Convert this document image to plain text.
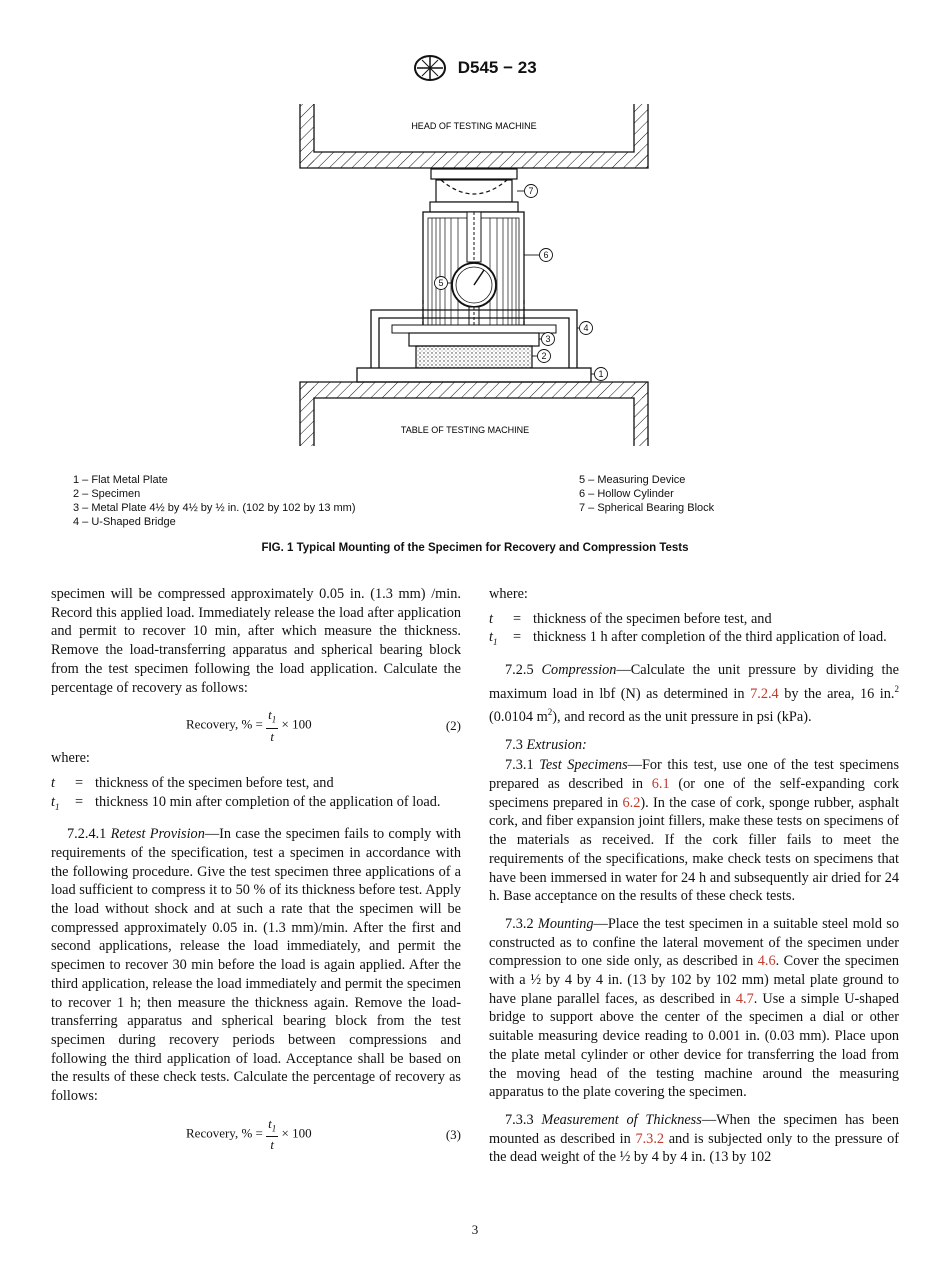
D545 − 23
HEAD OF TESTING MACHINE
TABLE OF TESTING MACHINE
7
6
5
4
3
2
1
1 – Flat Metal Plate
2 – Specimen
3 – Metal Plate 4½ by 4½ by ½ in. (102 by 102 by 13 mm)
4 – U-Shaped Bridge
5 – Measuring Device
6 – Hollow Cylinder
7 – Spherical Bearing Block
FIG. 1 Typical Mounting of the Specimen for Recovery and Compression Tests

specimen will be compressed approximately 0.05 in. (1.3 mm) /min. Record this applied load. Immediately release the load after application and permit to recover 10 min, after which measure the thickness. Remove the load-transferring apparatus and spherical bearing block from the test specimen following the load application. Calculate the percentage of recovery as follows:

Recovery, % = $\frac{t_1}{t} \times 100$	(2)
where:
t	= thickness of the specimen before test, and
$t_1$	= thickness 10 min after completion of the application of load.

7.2.4.1 Retest Provision—In case the specimen fails to comply with requirements of the specification, test a specimen in accordance with the following procedure. Give the test specimen three applications of a load sufficient to compress it to 50 % of its thickness before test. Apply the load without shock and at such a rate that the specimen will be compressed approximately 0.05 in. (1.3 mm)/min. After the first and second applications, release the load immediately, and permit the specimen to recover 30 min before the load is again applied. After the third application, release the load immediately and permit the specimen to recover 1 h; then measure the thickness again. Remove the load-transferring apparatus and spherical bearing block from the test specimen during recovery periods between compressions and following the third application of load. Acceptance shall be based on the results of these check tests. Calculate the percentage of recovery as follows:

Recovery, % = $\frac{t_1}{t} \times 100$	(3)
where:
t	= thickness of the specimen before test, and
$t_1$	= thickness 1 h after completion of the third application of load.

7.2.5 Compression—Calculate the unit pressure by dividing the maximum load in lbf (N) as determined in 7.2.4 by the area, 16 in.$^2$ (0.0104 $m^2$), and record as the unit pressure in psi (kPa).

7.3 Extrusion:

7.3.1 Test Specimens—For this test, use one of the test specimens prepared as described in 6.1 (or one of the self-expanding cork specimens prepared in 6.2). In the case of cork, sponge rubber, asphalt cork, and fiber expansion joint fillers, make these tests on specimens of the materials as received. If the cork filler fails to meet the requirements of the specifications, make check tests on specimens that have been immersed in water for 24 h and subsequently air dried for 24 h. Base acceptance on the results of these check tests.

7.3.2 Mounting—Place the test specimen in a suitable steel mold so constructed as to confine the lateral movement of the specimen under compression to one side only, as described in 4.6. Cover the specimen with a ½ by 4 by 4 in. (13 by 102 by 102 mm) metal plate ground to have plane parallel faces, as described in 4.7. Use a simple U-shaped bridge to support above the center of the specimen a dial or other suitable measuring device reading to 0.001 in. (0.03 mm). Place upon the plate metal cylinder or other device for transferring the load from the moving head of the testing machine around the measuring apparatus to the plate covering the specimen.

7.3.3 Measurement of Thickness—When the specimen has been mounted as described in 7.3.2 and is subjected only to the pressure of the dead weight of the ½ by 4 by 4 in. (13 by 102

3
